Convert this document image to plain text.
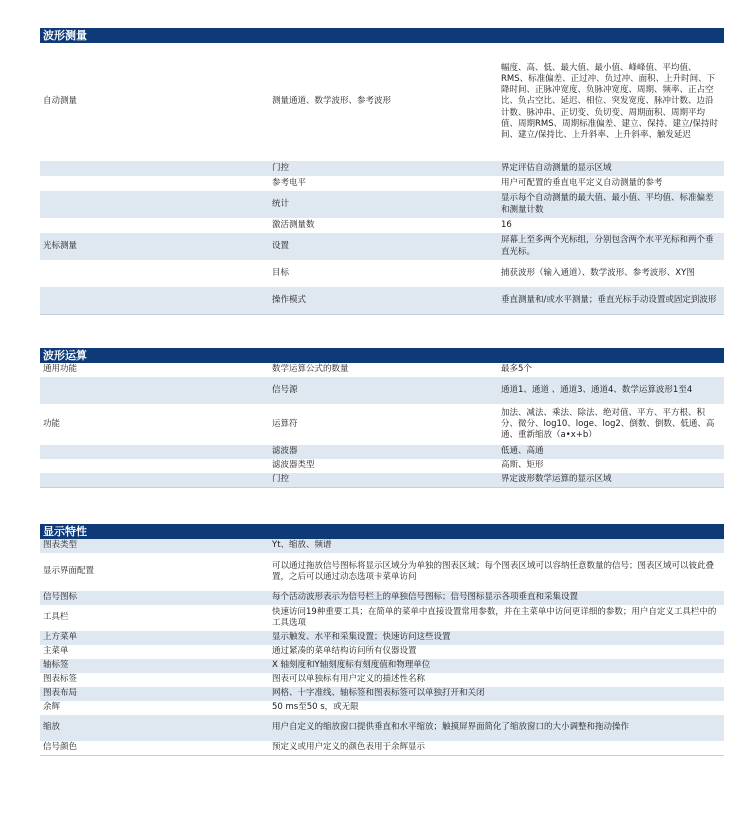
波形测量
自动测量	测量通道、数学波形、参考波形	幅度、高、低、最大值、最小值、峰峰值、平均值、RMS、标准偏差、正过冲、负过冲、面积、上升时间、下降时间、正脉冲宽度、负脉冲宽度、周期、频率、正占空比、负占空比、延迟、相位、突发宽度、脉冲计数、边沿计数、脉冲串、正切变、负切变、周期面积、周期平均值、周期RMS、周期标准偏差、建立、保持、建立/保持时间、建立/保持比、上升斜率、上升斜率、触发延迟
	门控	界定评估自动测量的显示区域
	参考电平	用户可配置的垂直电平定义自动测量的参考
	统计	显示每个自动测量的最大值、最小值、平均值、标准偏差和测量计数
	激活测量数	16
光标测量	设置	屏幕上至多两个光标组，分别包含两个水平光标和两个垂直光标。
	目标	捕获波形（输入通道）、数学波形、参考波形、XY图
	操作模式	垂直测量和/或水平测量；垂直光标手动设置或固定到波形
波形运算
通用功能	数学运算公式的数量	最多5个
	信号源	通道1、通道 、通道3、通道4、数学运算波形1至4
功能	运算符	加法、减法、乘法、除法、绝对值、平方、平方根、积分、微分、log10、loge、log2、倒数、倒数、低通、高通、重新缩放（a•x+b）
	滤波器	低通、高通
	滤波器类型	高斯、矩形
	门控	界定波形数学运算的显示区域
显示特性
图表类型	Yt、缩放、频谱
显示界面配置	可以通过拖放信号图标将显示区域分为单独的图表区域；每个图表区域可以容纳任意数量的信号；图表区域可以彼此叠置，之后可以通过动态选项卡菜单访问
信号图标	每个活动波形表示为信号栏上的单独信号图标；信号图标显示各项垂直和采集设置
工具栏	快速访问19种重要工具；在简单的菜单中直接设置常用参数，并在主菜单中访问更详细的参数；用户自定义工具栏中的工具选项
上方菜单	显示触发、水平和采集设置；快速访问这些设置
主菜单	通过紧凑的菜单结构访问所有仪器设置
轴标签	X 轴刻度和Y轴刻度标有刻度值和物理单位
图表标签	图表可以单独标有用户定义的描述性名称
图表布局	网格、十字准线、轴标签和图表标签可以单独打开和关闭
余辉	50 ms至50 s，或无限
缩放	用户自定义的缩放窗口提供垂直和水平缩放；触摸屏界面简化了缩放窗口的大小调整和拖动操作
信号颜色	预定义或用户定义的颜色表用于余辉显示
